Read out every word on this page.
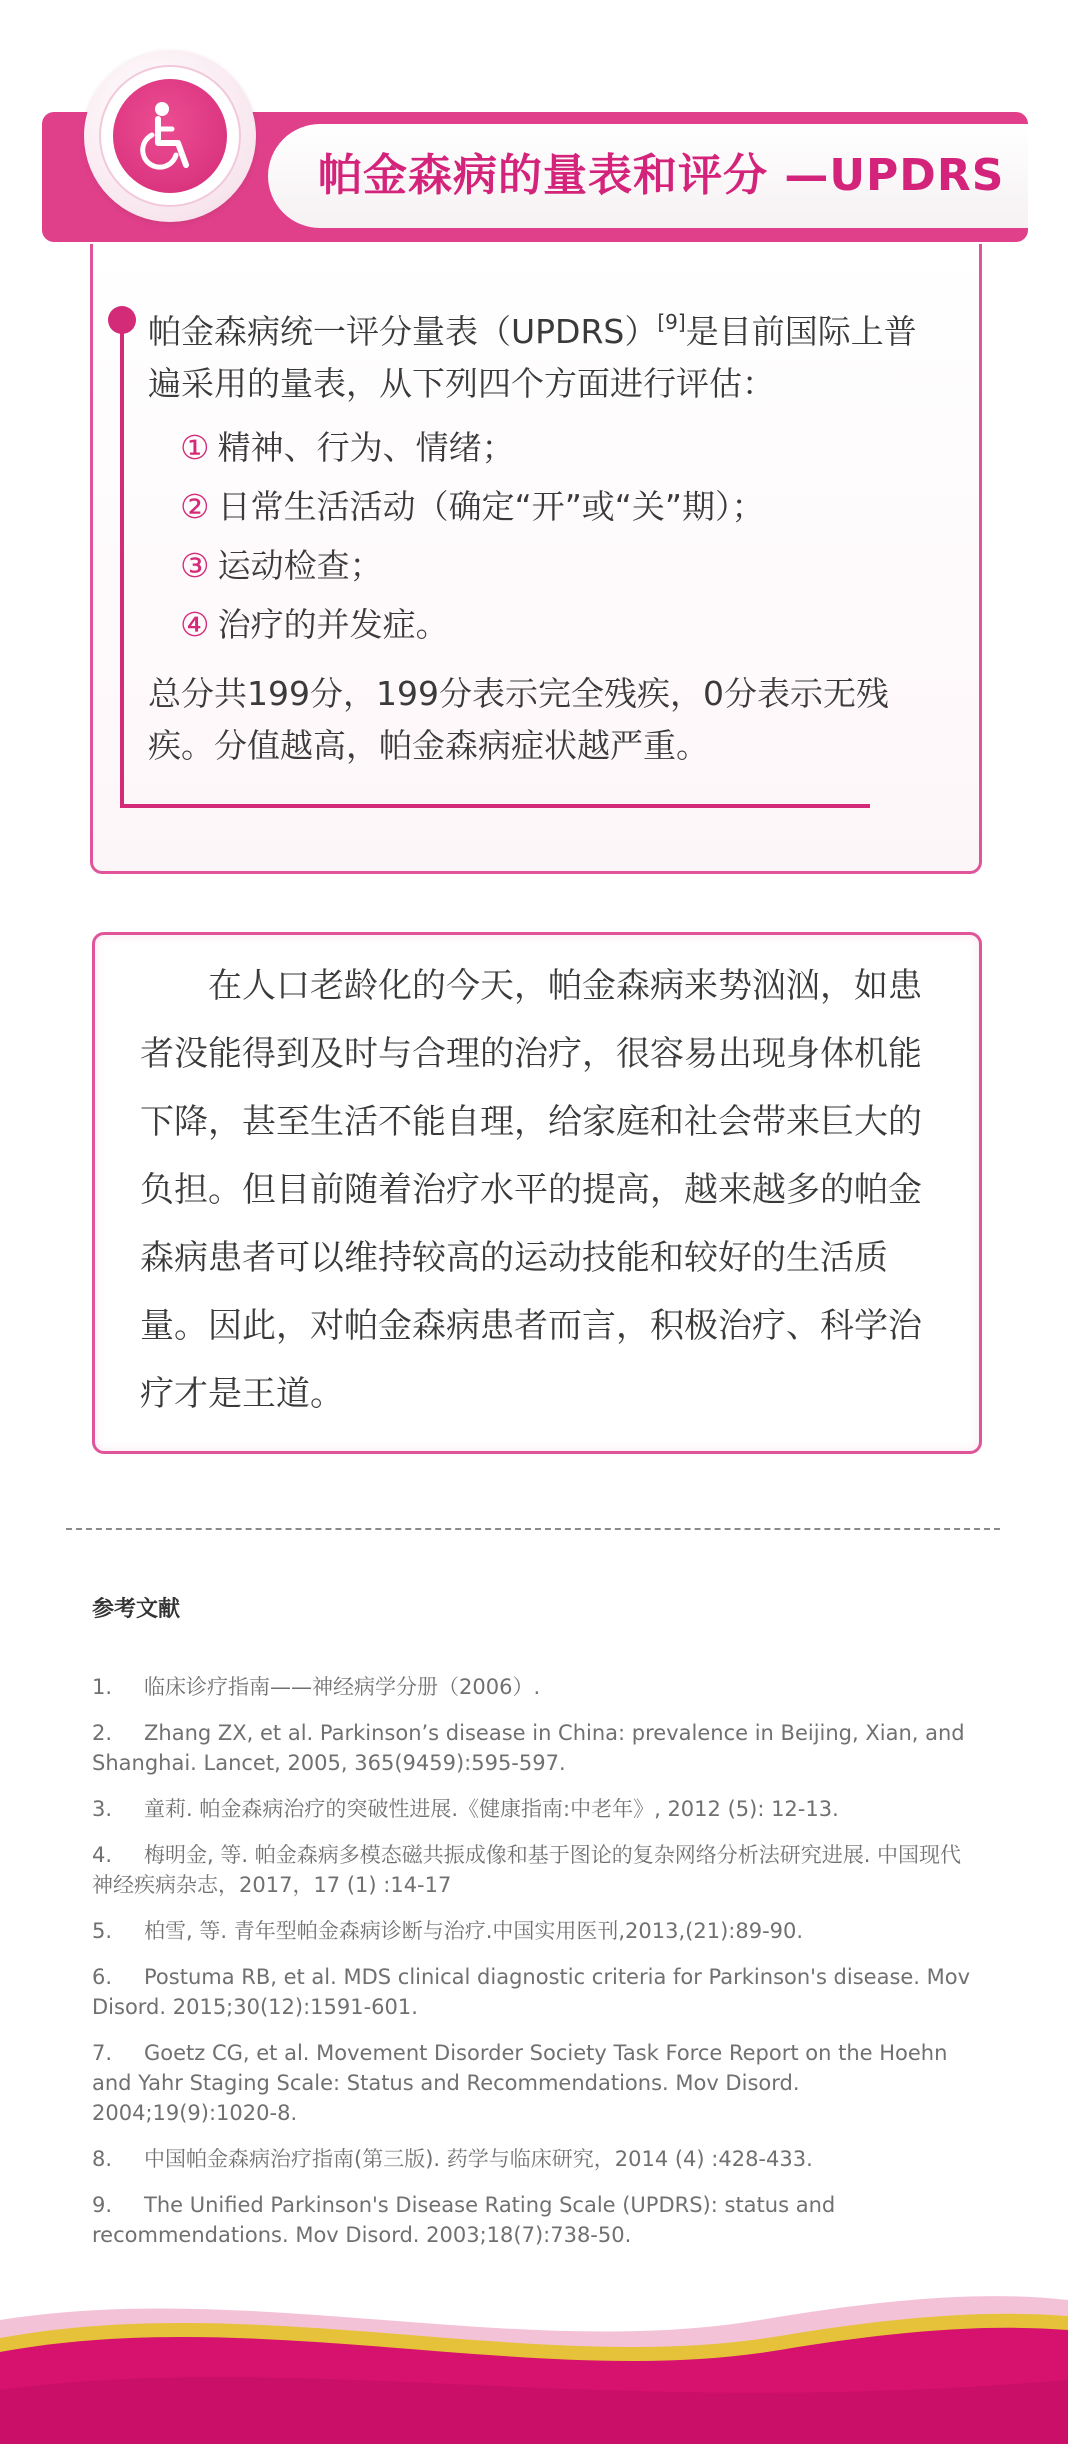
帕金森病的量表和评分 —UPDRS
帕金森病统一评分量表（UPDRS）[9]是目前国际上普遍采用的量表，从下列四个方面进行评估：
① 精神、行为、情绪；
② 日常生活活动（确定“开”或“关”期）；
③ 运动检查；
④ 治疗的并发症。
总分共199分，199分表示完全残疾，0分表示无残疾。分值越高，帕金森病症状越严重。
在人口老龄化的今天，帕金森病来势汹汹，如患者没能得到及时与合理的治疗，很容易出现身体机能下降，甚至生活不能自理，给家庭和社会带来巨大的负担。但目前随着治疗水平的提高，越来越多的帕金森病患者可以维持较高的运动技能和较好的生活质量。因此，对帕金森病患者而言，积极治疗、科学治疗才是王道。
参考文献
1. 临床诊疗指南——神经病学分册（2006）.
2. Zhang ZX, et al. Parkinson’s disease in China: prevalence in Beijing, Xian, and Shanghai. Lancet, 2005, 365(9459):595-597.
3. 童莉. 帕金森病治疗的突破性进展.《健康指南:中老年》, 2012 (5): 12-13.
4. 梅明金, 等. 帕金森病多模态磁共振成像和基于图论的复杂网络分析法研究进展. 中国现代神经疾病杂志，2017，17 (1) :14-17
5. 柏雪, 等. 青年型帕金森病诊断与治疗.中国实用医刊,2013,(21):89-90.
6. Postuma RB, et al. MDS clinical diagnostic criteria for Parkinson's disease. Mov Disord. 2015;30(12):1591-601.
7. Goetz CG, et al. Movement Disorder Society Task Force Report on the Hoehn and Yahr Staging Scale: Status and Recommendations. Mov Disord. 2004;19(9):1020-8.
8. 中国帕金森病治疗指南(第三版). 药学与临床研究，2014 (4) :428-433.
9. The Unified Parkinson's Disease Rating Scale (UPDRS): status and recommendations. Mov Disord. 2003;18(7):738-50.
